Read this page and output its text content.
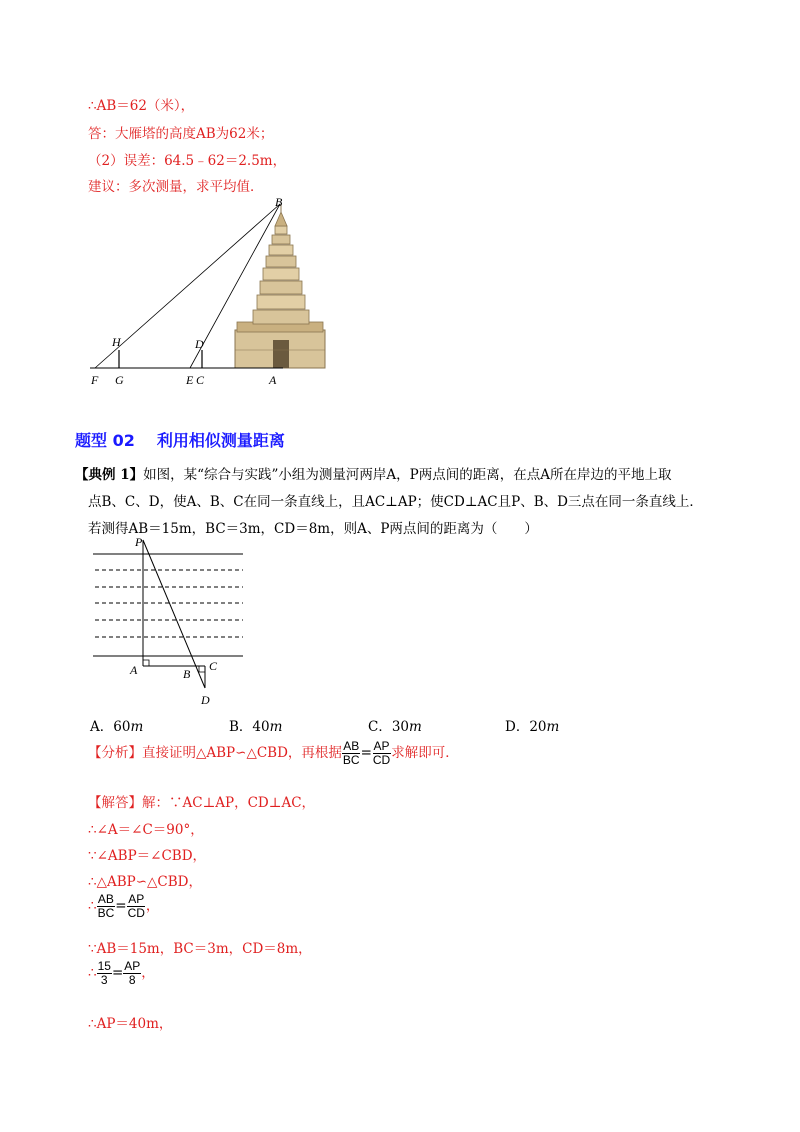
∴AB＝62（米），
答：大雁塔的高度AB为62米；
（2）误差：64.5﹣62＝2.5m，
建议：多次测量，求平均值．
B
H	D
F G	E C	A
题型 02 利用相似测量距离
【典例 1】如图，某“综合与实践”小组为测量河两岸A，P两点间的距离，在点A所在岸边的平地上取
点B、C、D，使A、B、C在同一条直线上，且AC⊥AP；使CD⊥AC且P、B、D三点在同一条直线上．
若测得AB＝15m，BC＝3m，CD＝8m，则A、P两点间的距离为（　　）
P
A	B
C
D
A．60m	B．40m	C．30m	D．20m
【分析】直接证明△ABP∽△CBD，再根据 $\frac{AB}{BC} = \frac{AP}{CD}$ 求解即可．
【解答】解：∵AC⊥AP，CD⊥AC，
∴∠A＝∠C＝90°，
∵∠ABP＝∠CBD，
∴△ABP∽△CBD，
∴ $\frac{AB}{BC} = \frac{AP}{CD}$ ，
∵AB＝15m，BC＝3m，CD＝8m，
∴ $\frac{15}{3} = \frac{AP}{8}$ ，
∴AP＝40m，
